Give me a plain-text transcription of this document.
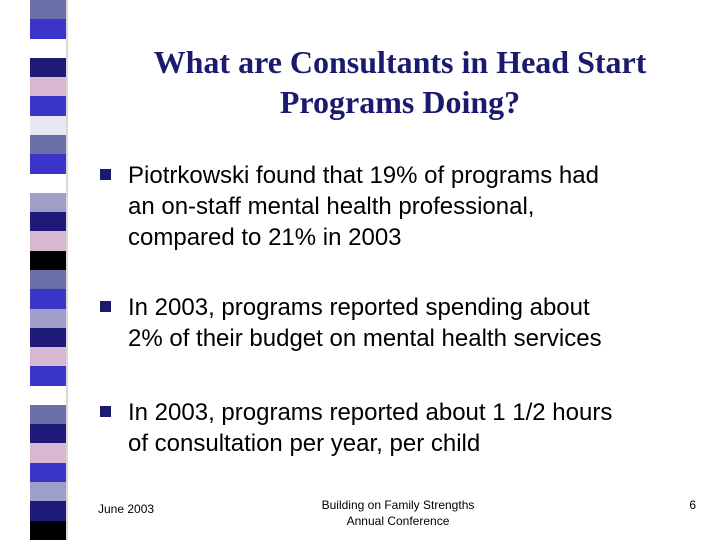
What are Consultants in Head Start
Programs Doing?
Piotrkowski found that 19% of programs had
an on-staff mental health professional,
compared to 21% in 2003
In 2003, programs reported spending about
2% of their budget on mental health services
In 2003, programs reported about 1 1/2 hours
of consultation per year, per child
June 2003	Building on Family Strengths
Annual Conference
6
